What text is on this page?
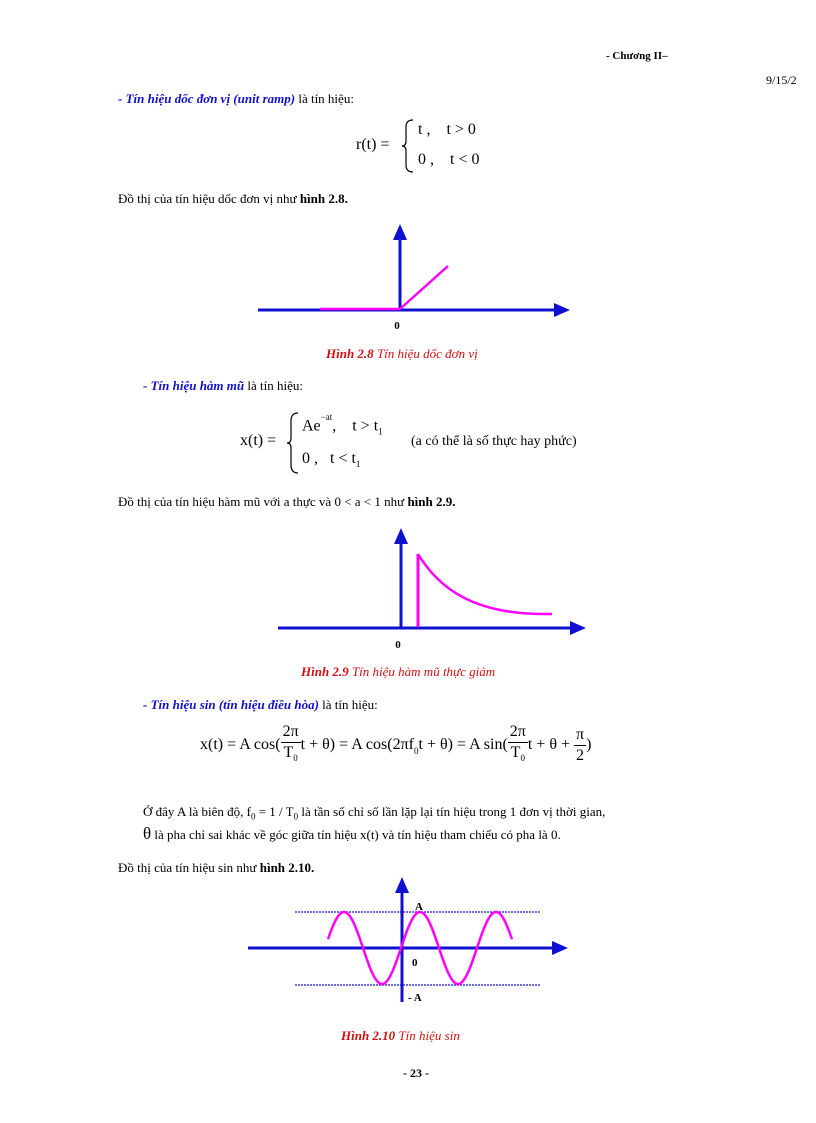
- Chương II–
9/15/2
- Tín hiệu dốc đơn vị (unit ramp) là tín hiệu:
r(t) =
t ,    t > 0
0 ,    t < 0
Đồ thị của tín hiệu dốc đơn vị như hình 2.8.
0
Hình 2.8 Tín hiệu dốc đơn vị
- Tín hiệu hàm mũ là tín hiệu:
x(t) =
$Ae^{-at}$,    $t > t_1$
0 ,   $t < t_1$
(a có thể là số thực hay phức)
Đồ thị của tín hiệu hàm mũ với a thực và 0 < a < 1 như hình 2.9.
0
Hình 2.9 Tín hiệu hàm mũ thực giảm
- Tín hiệu sin (tín hiệu điều hòa) là tín hiệu:
x(t) = A $\cos( \frac{2\pi}{T_0}$ t + θ) = A $\cos(2\pi f_0t + \theta) = A$ $\sin( \frac{2\pi}{T_0}$ $t + \theta + \frac{\pi}{2}$ )
Ở đây A là biên độ, $f_0 = 1 / T_0$ là tần số chỉ số lần lặp lại tín hiệu trong 1 đơn vị thời gian,
θ là pha chỉ sai khác về góc giữa tín hiệu x(t) và tín hiệu tham chiếu có pha là 0.
Đồ thị của tín hiệu sin như hình 2.10.
A
0
- A
Hình 2.10 Tín hiệu sin
- 23 -
